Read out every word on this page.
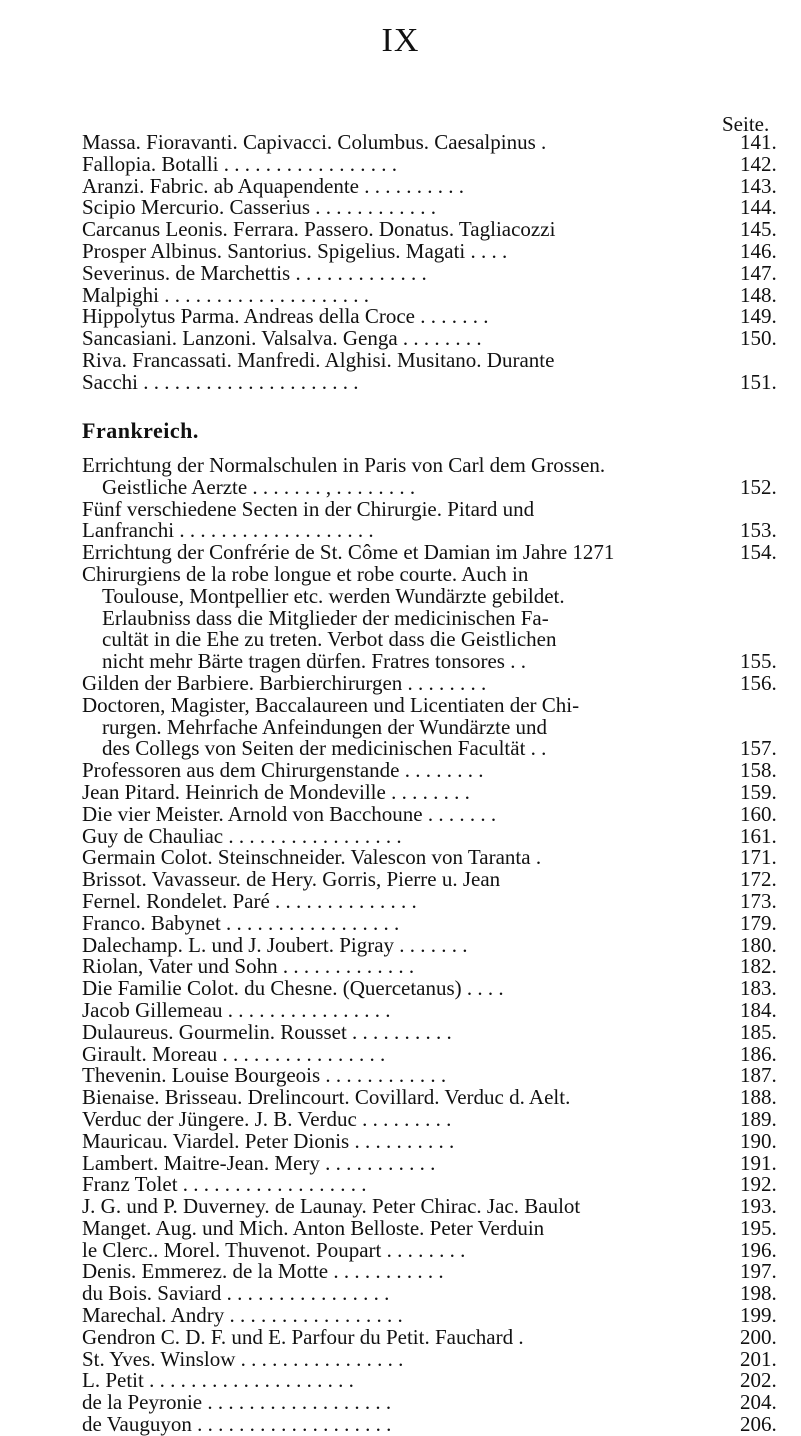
IX
Seite.
Massa. Fioravanti. Capivacci. Columbus. Caesalpinus .	141.
Fallopia. Botalli . . . . . . . . . . . . . . . . .	142.
Aranzi. Fabric. ab Aquapendente . . . . . . . . . .	143.
Scipio Mercurio. Casserius . . . . . . . . . . . .	144.
Carcanus Leonis. Ferrara. Passero. Donatus. Tagliacozzi	145.
Prosper Albinus. Santorius. Spigelius. Magati . . . .	146.
Severinus. de Marchettis . . . . . . . . . . . . .	147.
Malpighi . . . . . . . . . . . . . . . . . . . .	148.
Hippolytus Parma. Andreas della Croce . . . . . . .	149.
Sancasiani. Lanzoni. Valsalva. Genga . . . . . . . .	150.
Riva. Francassati. Manfredi. Alghisi. Musitano. Durante
Sacchi . . . . . . . . . . . . . . . . . . . . .	151.
Frankreich.
Errichtung der Normalschulen in Paris von Carl dem Grossen.
Geistliche Aerzte . . . . . . . , . . . . . . . .	152.
Fünf verschiedene Secten in der Chirurgie. Pitard und
Lanfranchi . . . . . . . . . . . . . . . . . . .	153.
Errichtung der Confrérie de St. Côme et Damian im Jahre 1271	154.
Chirurgiens de la robe longue et robe courte. Auch in
Toulouse, Montpellier etc. werden Wundärzte gebildet.
Erlaubniss dass die Mitglieder der medicinischen Fa-
cultät in die Ehe zu treten. Verbot dass die Geistlichen
nicht mehr Bärte tragen dürfen. Fratres tonsores . .	155.
Gilden der Barbiere. Barbierchirurgen . . . . . . . .	156.
Doctoren, Magister, Baccalaureen und Licentiaten der Chi-
rurgen. Mehrfache Anfeindungen der Wundärzte und
des Collegs von Seiten der medicinischen Facultät . .	157.
Professoren aus dem Chirurgenstande . . . . . . . .	158.
Jean Pitard. Heinrich de Mondeville . . . . . . . .	159.
Die vier Meister. Arnold von Bacchoune . . . . . . .	160.
Guy de Chauliac . . . . . . . . . . . . . . . . .	161.
Germain Colot. Steinschneider. Valescon von Taranta .	171.
Brissot. Vavasseur. de Hery. Gorris, Pierre u. Jean	172.
Fernel. Rondelet. Paré . . . . . . . . . . . . . .	173.
Franco. Babynet . . . . . . . . . . . . . . . . .	179.
Dalechamp. L. und J. Joubert. Pigray . . . . . . .	180.
Riolan, Vater und Sohn . . . . . . . . . . . . .	182.
Die Familie Colot. du Chesne. (Quercetanus) . . . .	183.
Jacob Gillemeau . . . . . . . . . . . . . . . .	184.
Dulaureus. Gourmelin. Rousset . . . . . . . . . .	185.
Girault. Moreau . . . . . . . . . . . . . . . .	186.
Thevenin. Louise Bourgeois . . . . . . . . . . . .	187.
Bienaise. Brisseau. Drelincourt. Covillard. Verduc d. Aelt.	188.
Verduc der Jüngere. J. B. Verduc . . . . . . . . .	189.
Mauricau. Viardel. Peter Dionis . . . . . . . . . .	190.
Lambert. Maitre-Jean. Mery . . . . . . . . . . .	191.
Franz Tolet . . . . . . . . . . . . . . . . . .	192.
J. G. und P. Duverney. de Launay. Peter Chirac. Jac. Baulot	193.
Manget. Aug. und Mich. Anton Belloste. Peter Verduin	195.
le Clerc.. Morel. Thuvenot. Poupart . . . . . . . .	196.
Denis. Emmerez. de la Motte . . . . . . . . . . .	197.
du Bois. Saviard . . . . . . . . . . . . . . . .	198.
Marechal. Andry . . . . . . . . . . . . . . . . .	199.
Gendron C. D. F. und E. Parfour du Petit. Fauchard .	200.
St. Yves. Winslow . . . . . . . . . . . . . . . .	201.
L. Petit . . . . . . . . . . . . . . . . . . . .	202.
de la Peyronie . . . . . . . . . . . . . . . . . .	204.
de Vauguyon . . . . . . . . . . . . . . . . . . .	206.
